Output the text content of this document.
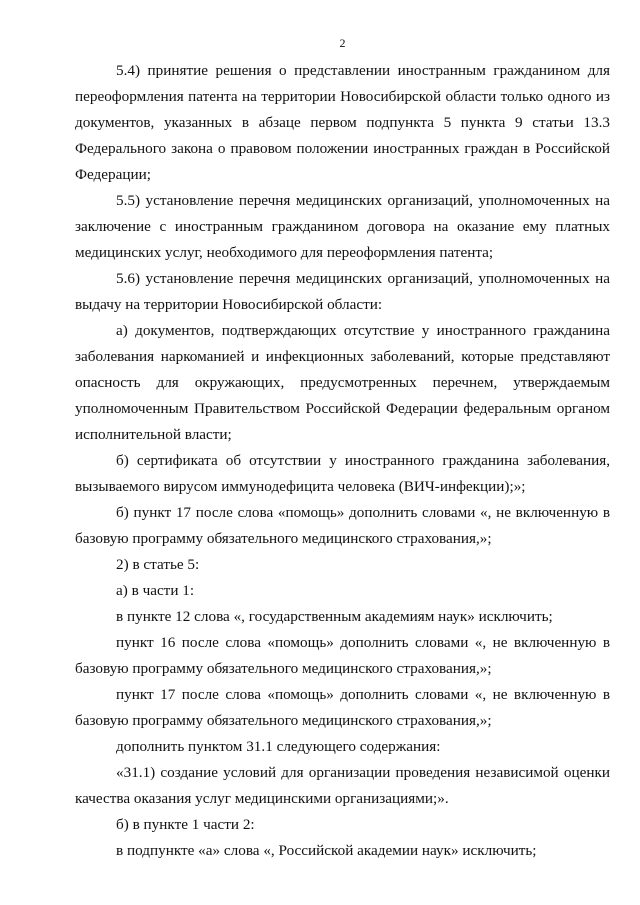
2

5.4) принятие решения о представлении иностранным гражданином для переоформления патента на территории Новосибирской области только одного из документов, указанных в абзаце первом подпункта 5 пункта 9 статьи 13.3 Федерального закона о правовом положении иностранных граждан в Российской Федерации;

5.5) установление перечня медицинских организаций, уполномоченных на заключение с иностранным гражданином договора на оказание ему платных медицинских услуг, необходимого для переоформления патента;

5.6) установление перечня медицинских организаций, уполномоченных на выдачу на территории Новосибирской области:

а) документов, подтверждающих отсутствие у иностранного гражданина заболевания наркоманией и инфекционных заболеваний, которые представляют опасность для окружающих, предусмотренных перечнем, утверждаемым уполномоченным Правительством Российской Федерации федеральным органом исполнительной власти;

б) сертификата об отсутствии у иностранного гражданина заболевания, вызываемого вирусом иммунодефицита человека (ВИЧ-инфекции);»;

б) пункт 17 после слова «помощь» дополнить словами «, не включенную в базовую программу обязательного медицинского страхования,»;

2) в статье 5:

а) в части 1:

в пункте 12 слова «, государственным академиям наук» исключить;

пункт 16 после слова «помощь» дополнить словами «, не включенную в базовую программу обязательного медицинского страхования,»;

пункт 17 после слова «помощь» дополнить словами «, не включенную в базовую программу обязательного медицинского страхования,»;

дополнить пунктом 31.1 следующего содержания:

«31.1) создание условий для организации проведения независимой оценки качества оказания услуг медицинскими организациями;».

б) в пункте 1 части 2:

в подпункте «а» слова «, Российской академии наук» исключить;
